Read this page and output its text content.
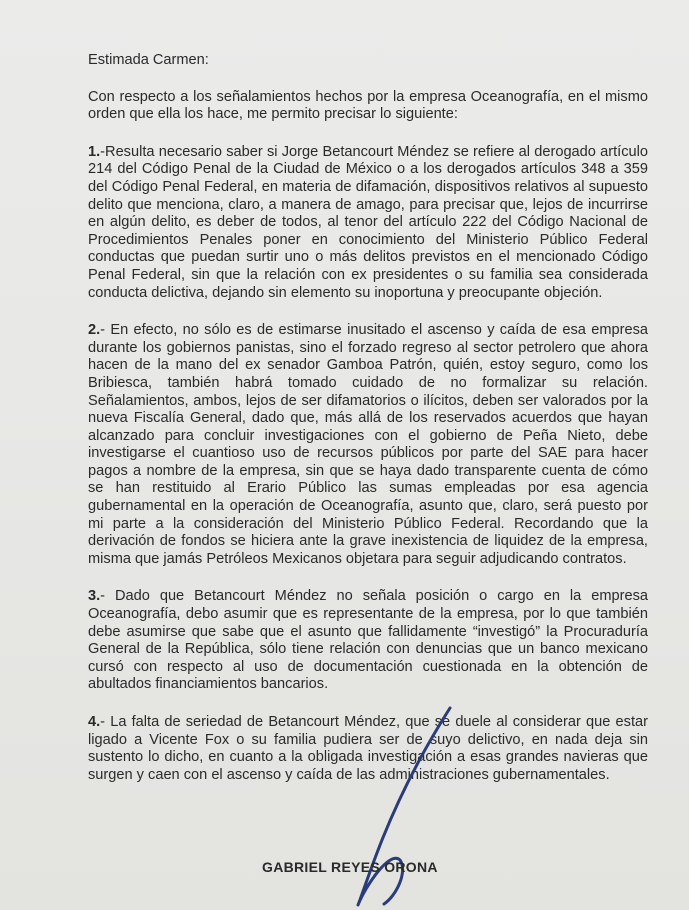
Estimada Carmen:

Con respecto a los señalamientos hechos por la empresa Oceanografía, en el mismo orden que ella los hace, me permito precisar lo siguiente:

1.-Resulta necesario saber si Jorge Betancourt Méndez se refiere al derogado artículo 214 del Código Penal de la Ciudad de México o a los derogados artículos 348 a 359 del Código Penal Federal, en materia de difamación, dispositivos relativos al supuesto delito que menciona, claro, a manera de amago, para precisar que, lejos de incurrirse en algún delito, es deber de todos, al tenor del artículo 222 del Código Nacional de Procedimientos Penales poner en conocimiento del Ministerio Público Federal conductas que puedan surtir uno o más delitos previstos en el mencionado Código Penal Federal, sin que la relación con ex presidentes o su familia sea considerada conducta delictiva, dejando sin elemento su inoportuna y preocupante objeción.

2.- En efecto, no sólo es de estimarse inusitado el ascenso y caída de esa empresa durante los gobiernos panistas, sino el forzado regreso al sector petrolero que ahora hacen de la mano del ex senador Gamboa Patrón, quién, estoy seguro, como los Bribiesca, también habrá tomado cuidado de no formalizar su relación. Señalamientos, ambos, lejos de ser difamatorios o ilícitos, deben ser valorados por la nueva Fiscalía General, dado que, más allá de los reservados acuerdos que hayan alcanzado para concluir investigaciones con el gobierno de Peña Nieto, debe investigarse el cuantioso uso de recursos públicos por parte del SAE para hacer pagos a nombre de la empresa, sin que se haya dado transparente cuenta de cómo se han restituido al Erario Público las sumas empleadas por esa agencia gubernamental en la operación de Oceanografía, asunto que, claro, será puesto por mi parte a la consideración del Ministerio Público Federal. Recordando que la derivación de fondos se hiciera ante la grave inexistencia de liquidez de la empresa, misma que jamás Petróleos Mexicanos objetara para seguir adjudicando contratos.

3.- Dado que Betancourt Méndez no señala posición o cargo en la empresa Oceanografía, debo asumir que es representante de la empresa, por lo que también debe asumirse que sabe que el asunto que fallidamente “investigó” la Procuraduría General de la República, sólo tiene relación con denuncias que un banco mexicano cursó con respecto al uso de documentación cuestionada en la obtención de abultados financiamientos bancarios.

4.- La falta de seriedad de Betancourt Méndez, que se duele al considerar que estar ligado a Vicente Fox o su familia pudiera ser de suyo delictivo, en nada deja sin sustento lo dicho, en cuanto a la obligada investigación a esas grandes navieras que surgen y caen con el ascenso y caída de las administraciones gubernamentales.

GABRIEL REYES ORONA
